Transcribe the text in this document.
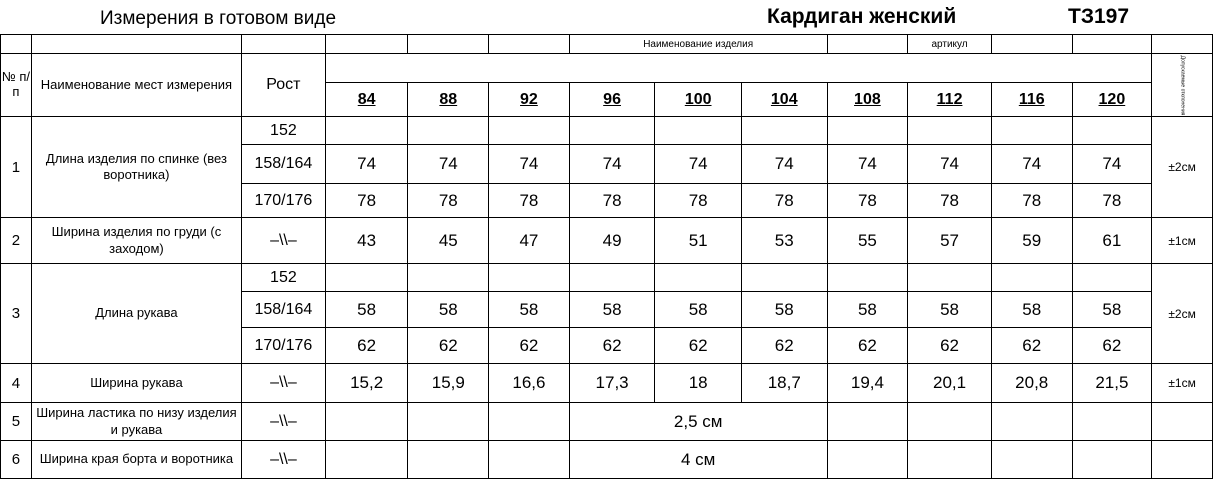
Измерения в готовом виде	Кардиган женский	ТЗ197
						Наименование изделия				артикул			
№ п/п	Наименование мест измерения	Рост											Допускаемые отклонения
			84	88	92	96	100	104	108	112	116	120	
1	Длина изделия по спинке (вез воротника)	152											±2см
		158/164	74	74	74	74	74	74	74	74	74	74	
		170/176	78	78	78	78	78	78	78	78	78	78	
2	Ширина изделия по груди (с заходом)	–\\–	43	45	47	49	51	53	55	57	59	61	±1см
3	Длина рукава	152											±2см
		158/164	58	58	58	58	58	58	58	58	58	58	
		170/176	62	62	62	62	62	62	62	62	62	62	
4	Ширина рукава	–\\–	15,2	15,9	16,6	17,3	18	18,7	19,4	20,1	20,8	21,5	±1см
5	Ширина ластика по низу изделия и рукава	–\\–				2,5 см							
6	Ширина края борта и воротника	–\\–				4 см							
